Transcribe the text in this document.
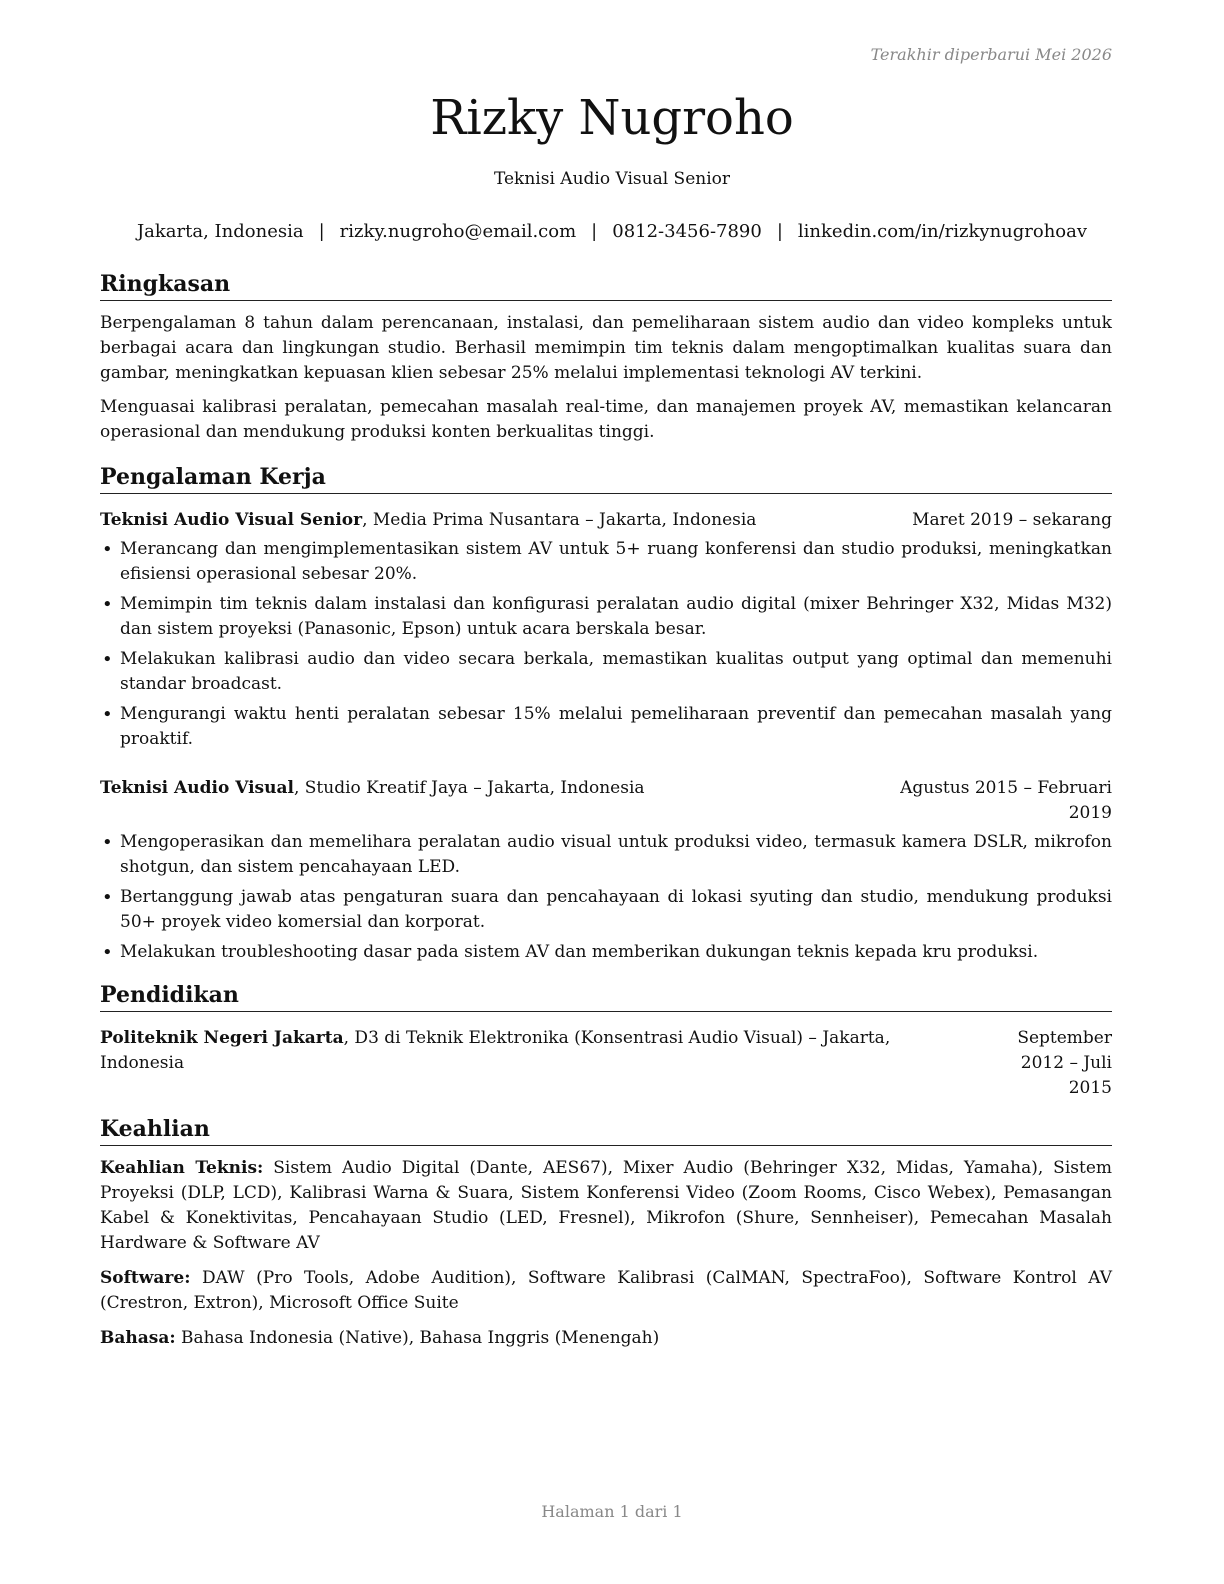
Terakhir diperbarui Mei 2026
Rizky Nugroho
Teknisi Audio Visual Senior
Jakarta, Indonesia | rizky.nugroho@email.com | 0812-3456-7890 | linkedin.com/in/rizkynugrohoav
Ringkasan

Berpengalaman 8 tahun dalam perencanaan, instalasi, dan pemeliharaan sistem audio dan video kompleks untuk berbagai acara dan lingkungan studio. Berhasil memimpin tim teknis dalam mengoptimalkan kualitas suara dan gambar, meningkatkan kepuasan klien sebesar 25% melalui implementasi teknologi AV terkini.

Menguasai kalibrasi peralatan, pemecahan masalah real-time, dan manajemen proyek AV, memastikan kelancaran operasional dan mendukung produksi konten berkualitas tinggi.

Pengalaman Kerja
Teknisi Audio Visual Senior, Media Prima Nusantara – Jakarta, Indonesia	Maret 2019 – sekarang
• Merancang dan mengimplementasikan sistem AV untuk 5+ ruang konferensi dan studio produksi, meningkatkan efisiensi operasional sebesar 20%.
• Memimpin tim teknis dalam instalasi dan konfigurasi peralatan audio digital (mixer Behringer X32, Midas M32) dan sistem proyeksi (Panasonic, Epson) untuk acara berskala besar.
• Melakukan kalibrasi audio dan video secara berkala, memastikan kualitas output yang optimal dan memenuhi standar broadcast.
• Mengurangi waktu henti peralatan sebesar 15% melalui pemeliharaan preventif dan pemecahan masalah yang proaktif.
Teknisi Audio Visual, Studio Kreatif Jaya – Jakarta, Indonesia	Agustus 2015 – Februari 2019
• Mengoperasikan dan memelihara peralatan audio visual untuk produksi video, termasuk kamera DSLR, mikrofon shotgun, dan sistem pencahayaan LED.
• Bertanggung jawab atas pengaturan suara dan pencahayaan di lokasi syuting dan studio, mendukung produksi 50+ proyek video komersial dan korporat.
• Melakukan troubleshooting dasar pada sistem AV dan memberikan dukungan teknis kepada kru produksi.
Pendidikan
Politeknik Negeri Jakarta, D3 di Teknik Elektronika (Konsentrasi Audio Visual) – Jakarta, Indonesia
September 2012 – Juli 2015
Keahlian

Keahlian Teknis: Sistem Audio Digital (Dante, AES67), Mixer Audio (Behringer X32, Midas, Yamaha), Sistem Proyeksi (DLP, LCD), Kalibrasi Warna & Suara, Sistem Konferensi Video (Zoom Rooms, Cisco Webex), Pemasangan Kabel & Konektivitas, Pencahayaan Studio (LED, Fresnel), Mikrofon (Shure, Sennheiser), Pemecahan Masalah Hardware & Software AV

Software: DAW (Pro Tools, Adobe Audition), Software Kalibrasi (CalMAN, SpectraFoo), Software Kontrol AV (Crestron, Extron), Microsoft Office Suite

Bahasa: Bahasa Indonesia (Native), Bahasa Inggris (Menengah)

Halaman 1 dari 1
